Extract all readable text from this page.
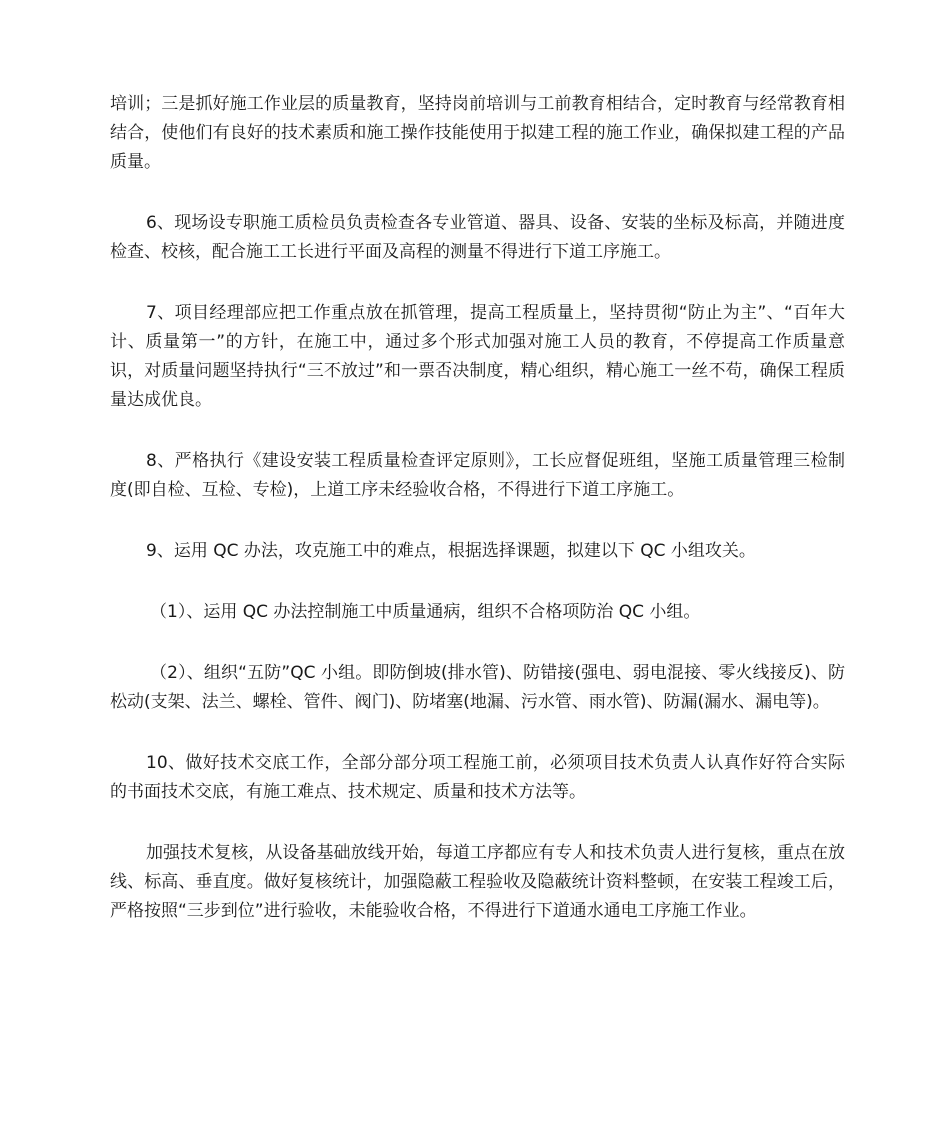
培训；三是抓好施工作业层的质量教育，坚持岗前培训与工前教育相结合，定时教育与经常教育相结合，使他们有良好的技术素质和施工操作技能使用于拟建工程的施工作业，确保拟建工程的产品质量。

6、现场设专职施工质检员负责检查各专业管道、器具、设备、安装的坐标及标高，并随进度检查、校核，配合施工工长进行平面及高程的测量不得进行下道工序施工。

7、项目经理部应把工作重点放在抓管理，提高工程质量上，坚持贯彻“防止为主”、“百年大计、质量第一”的方针，在施工中，通过多个形式加强对施工人员的教育，不停提高工作质量意识，对质量问题坚持执行“三不放过”和一票否决制度，精心组织，精心施工一丝不苟，确保工程质量达成优良。

8、严格执行《建设安装工程质量检查评定原则》，工长应督促班组，坚施工质量管理三检制度(即自检、互检、专检)，上道工序未经验收合格，不得进行下道工序施工。

9、运用 QC 办法，攻克施工中的难点，根据选择课题，拟建以下 QC 小组攻关。

（1）、运用 QC 办法控制施工中质量通病，组织不合格项防治 QC 小组。

（2）、组织“五防”QC 小组。即防倒坡(排水管)、防错接(强电、弱电混接、零火线接反)、防松动(支架、法兰、螺栓、管件、阀门)、防堵塞(地漏、污水管、雨水管)、防漏(漏水、漏电等)。

10、做好技术交底工作，全部分部分项工程施工前，必须项目技术负责人认真作好符合实际的书面技术交底，有施工难点、技术规定、质量和技术方法等。

加强技术复核，从设备基础放线开始，每道工序都应有专人和技术负责人进行复核，重点在放线、标高、垂直度。做好复核统计，加强隐蔽工程验收及隐蔽统计资料整顿，在安装工程竣工后，严格按照“三步到位”进行验收，未能验收合格，不得进行下道通水通电工序施工作业。
